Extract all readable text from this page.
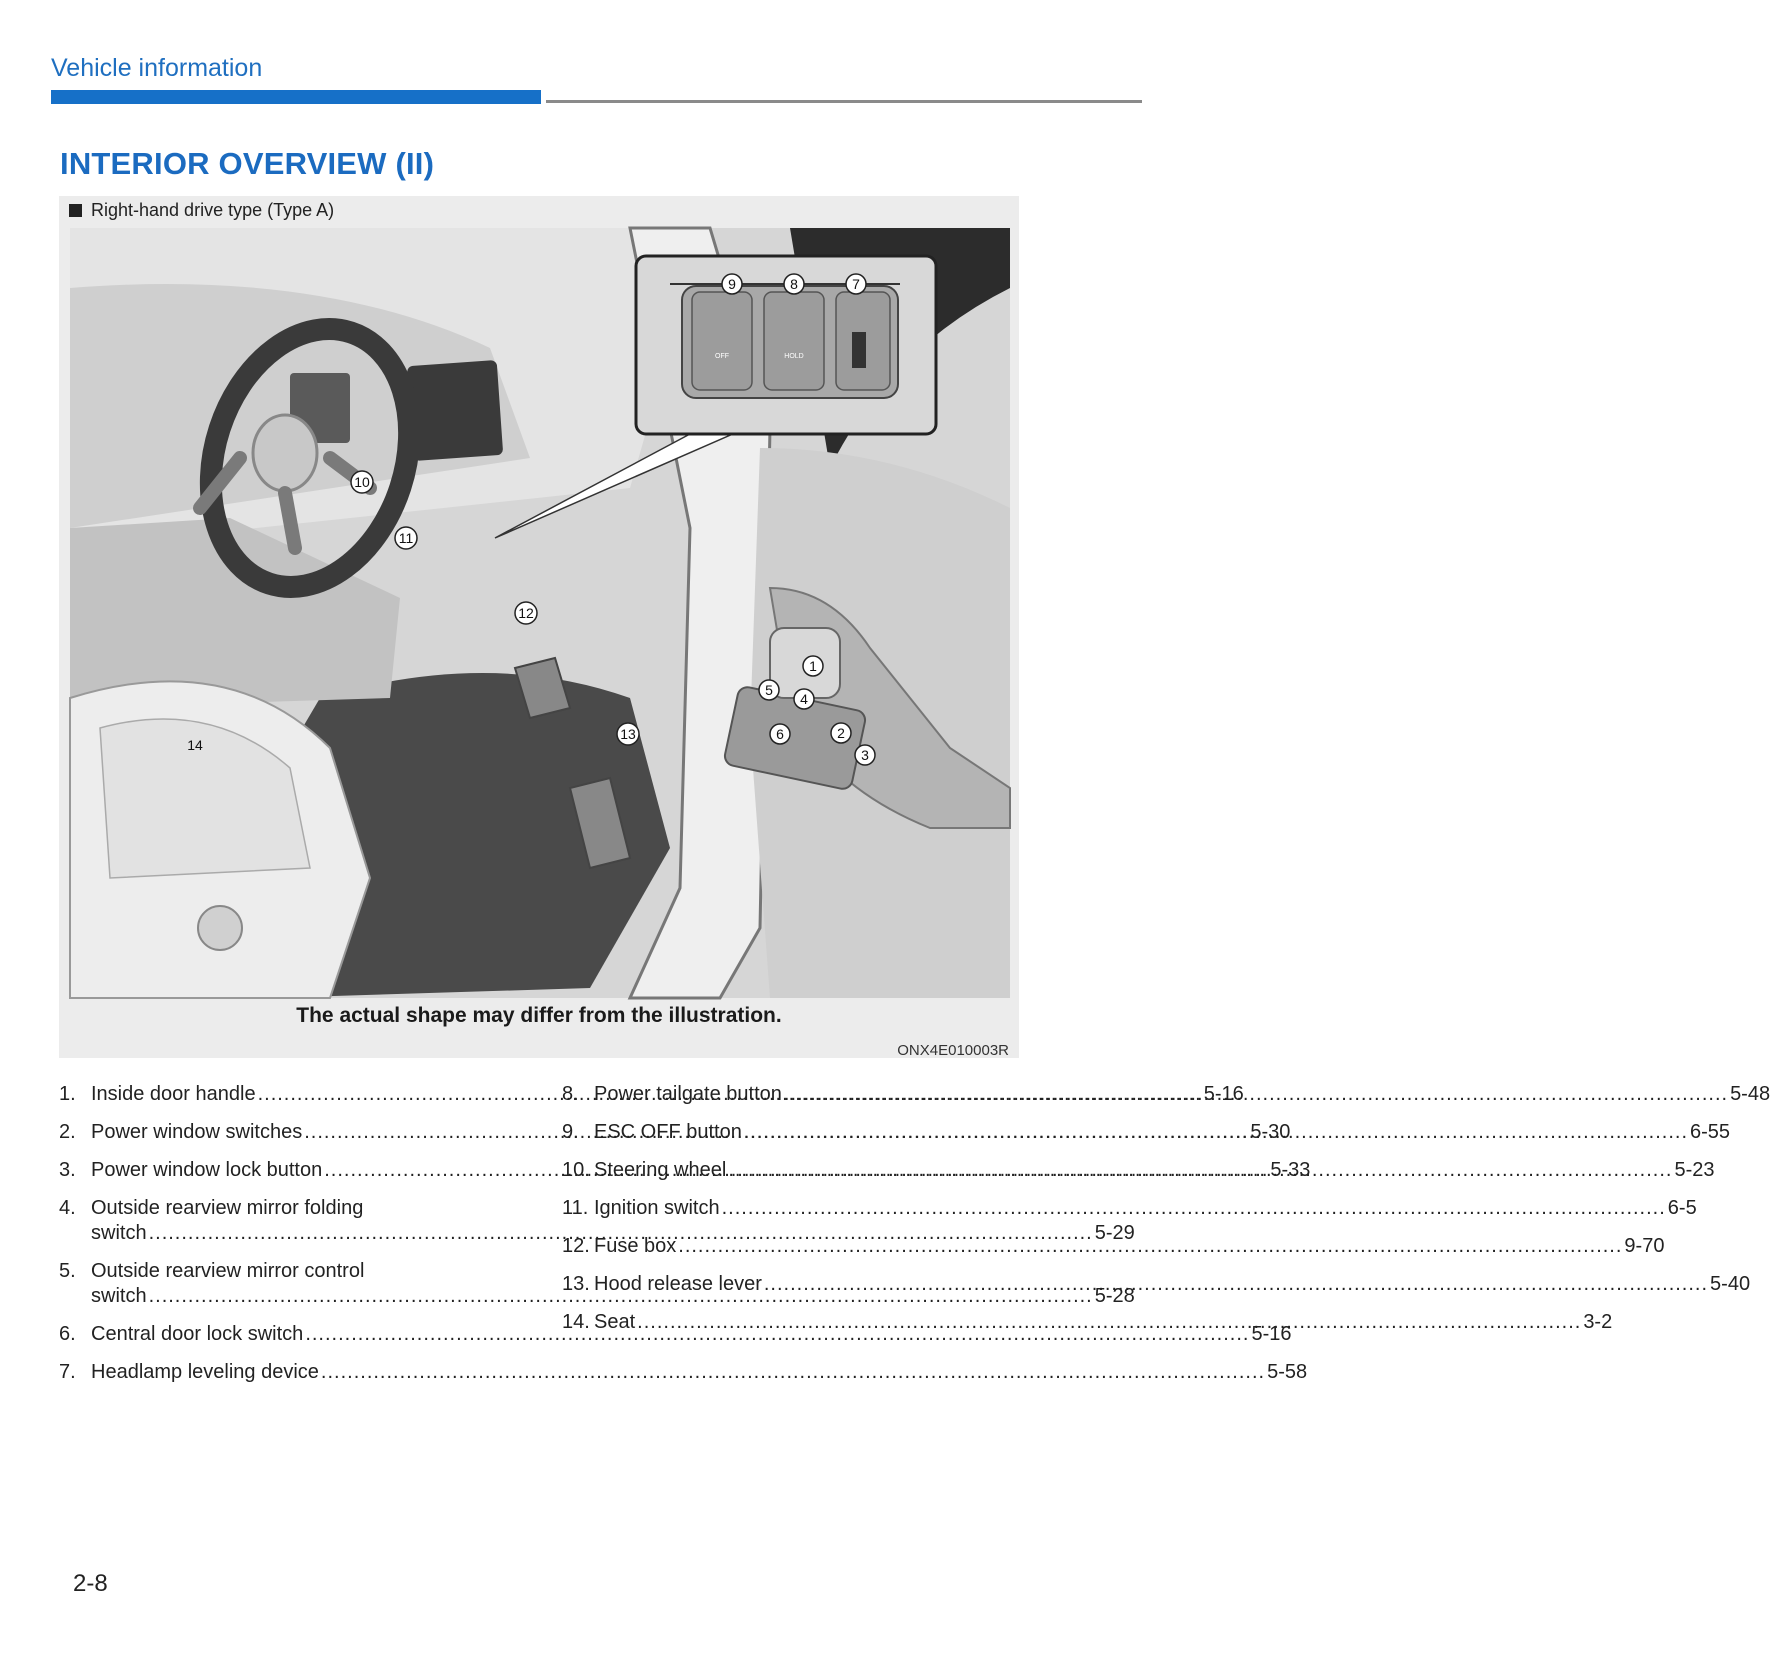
Vehicle information
INTERIOR OVERVIEW (II)
Right-hand drive type (Type A)
OFF	HOLD
9	8	7
10
11
12
13
14
1
5
4
6	2
3
The actual shape may differ from the illustration.
ONX4E010003R
1. Inside door handle .....	5-16
2. Power window switches .....	5-30
3. Power window lock button .....	5-33
4. Outside rearview mirror folding
switch .....	5-29
5. Outside rearview mirror control
switch .....	5-28
6. Central door lock switch .....	5-16
7. Headlamp leveling device .....	5-58
8. Power tailgate button .....	5-48
9. ESC OFF button .....	6-55
10. Steering wheel .....	5-23
11. Ignition switch .....	6-5
12. Fuse box .....	9-70
13. Hood release lever .....	5-40
14. Seat .....	3-2
2-8
